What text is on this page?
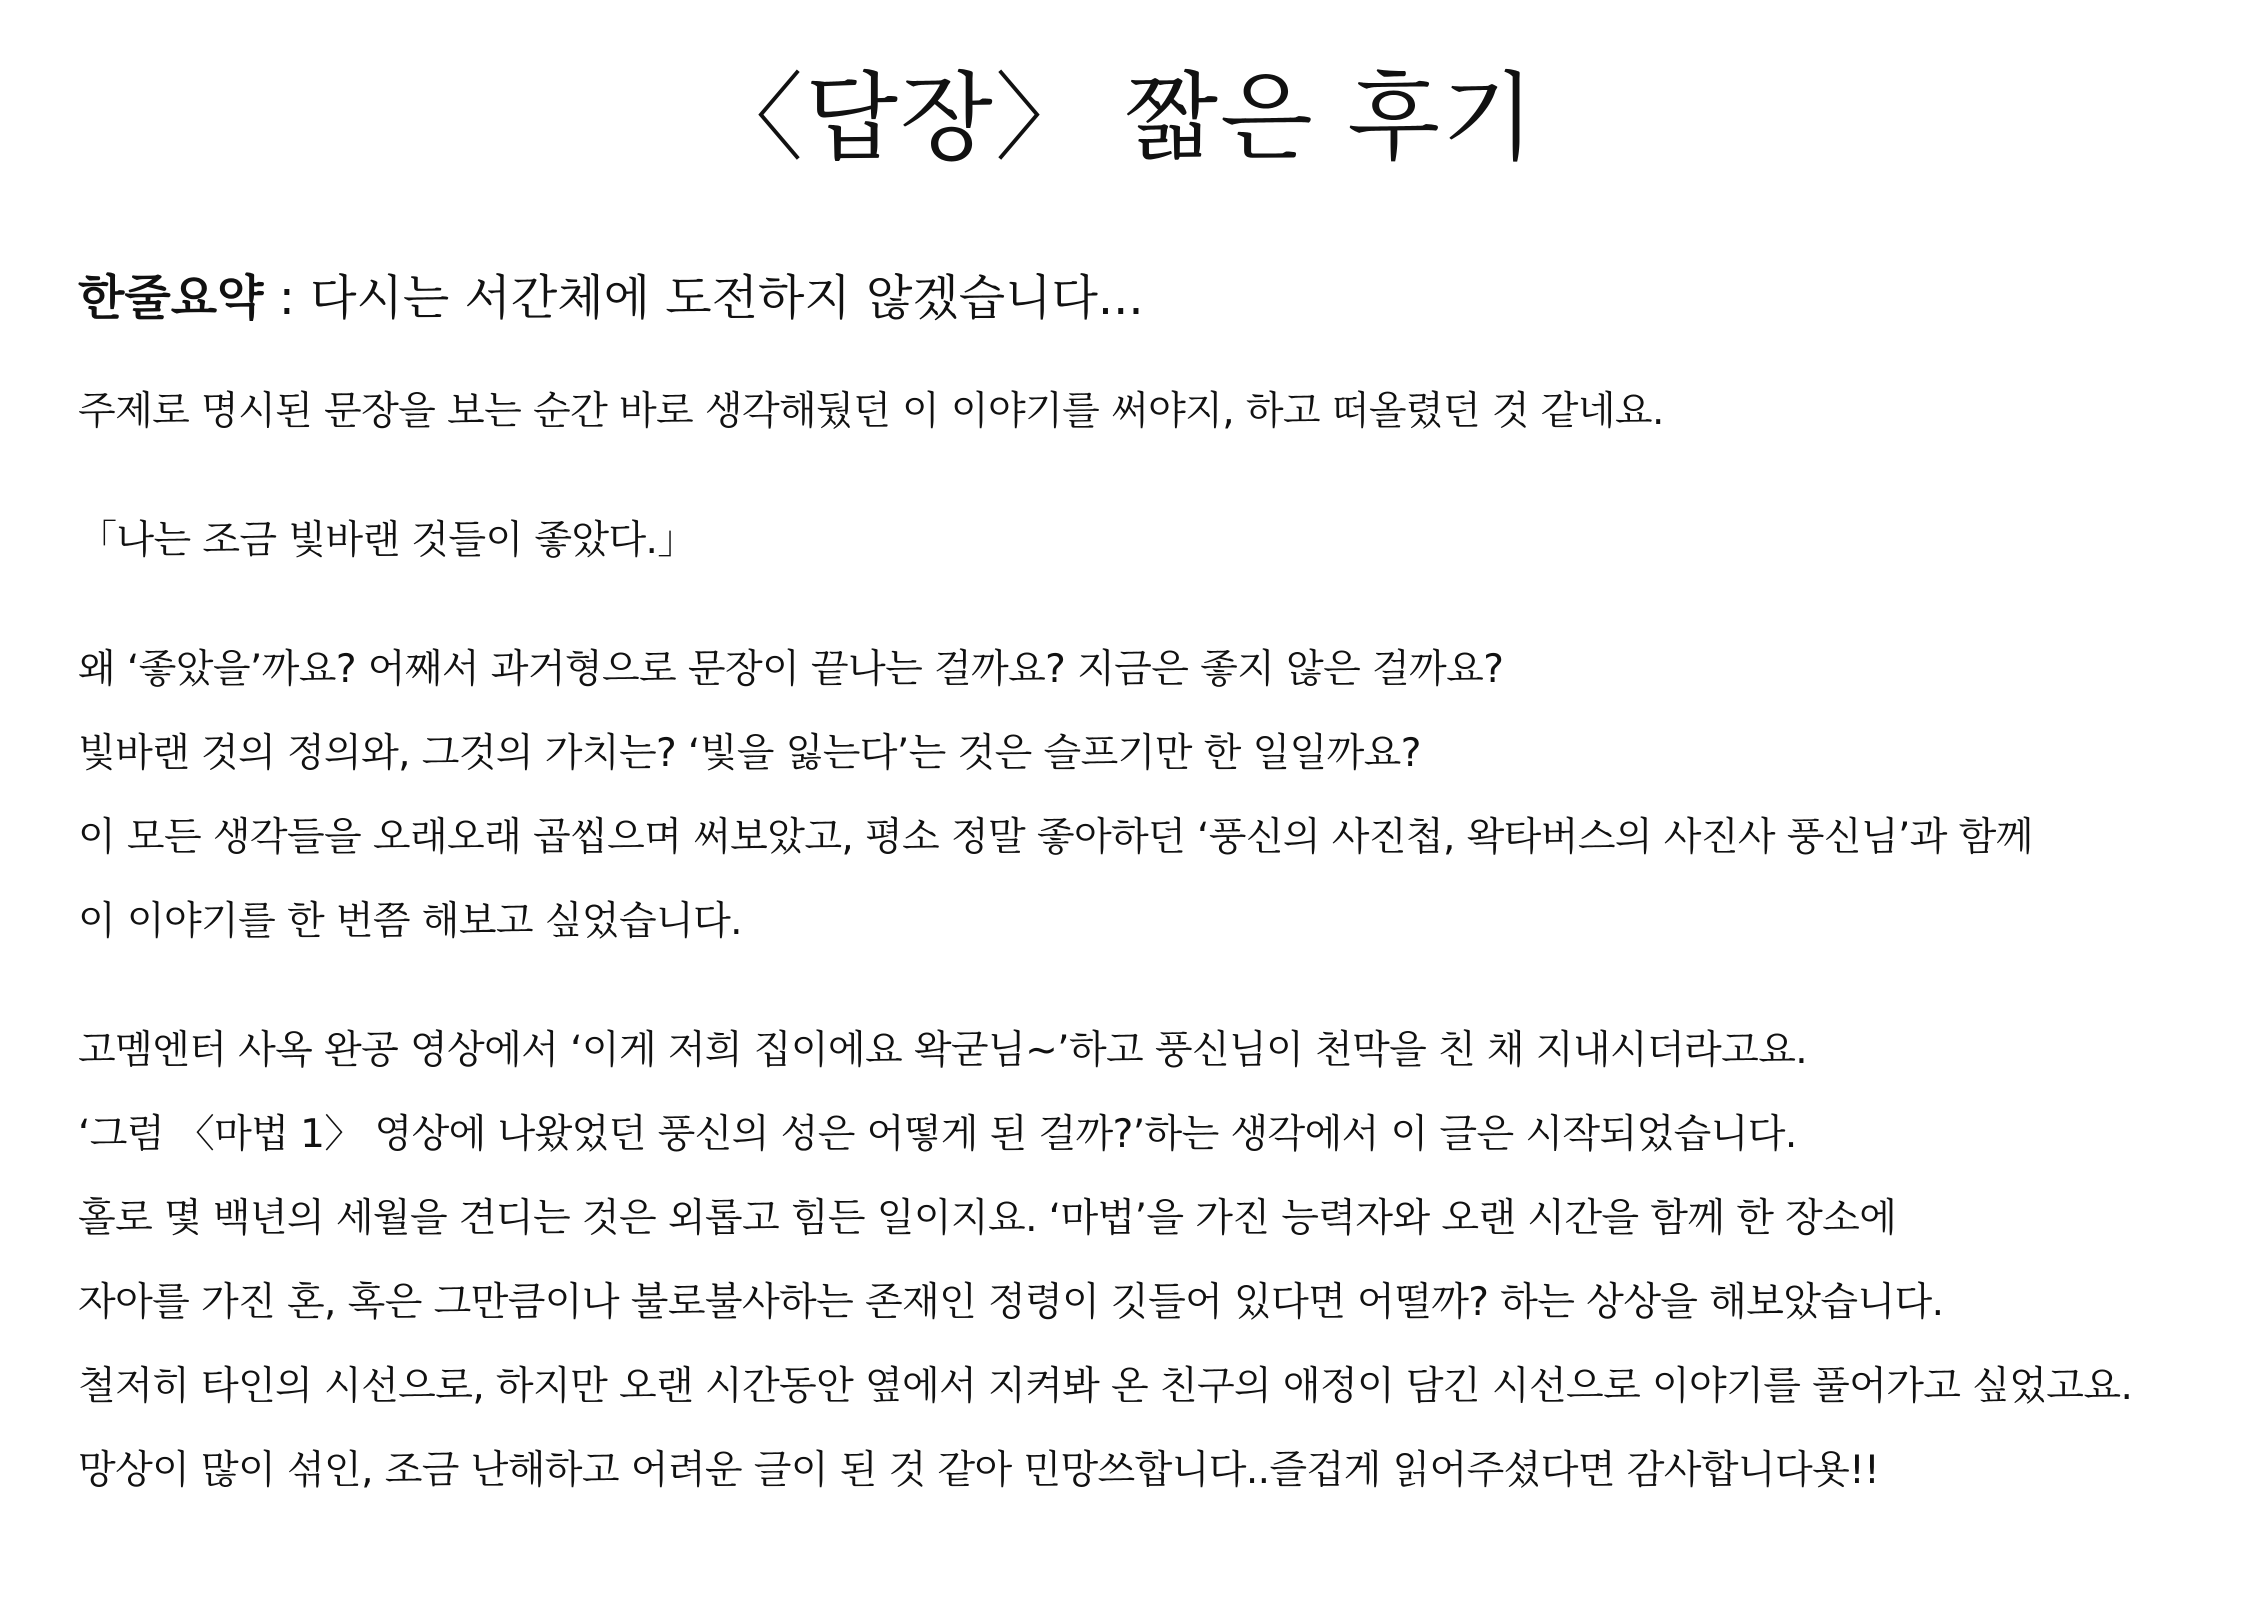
〈답장〉 짧은 후기

한줄요약 : 다시는 서간체에 도전하지 않겠습니다...

주제로 명시된 문장을 보는 순간 바로 생각해뒀던 이 이야기를 써야지, 하고 떠올렸던 것 같네요.
「나는 조금 빛바랜 것들이 좋았다.」
왜 ‘좋았을’까요? 어째서 과거형으로 문장이 끝나는 걸까요? 지금은 좋지 않은 걸까요?
빛바랜 것의 정의와, 그것의 가치는? ‘빛을 잃는다’는 것은 슬프기만 한 일일까요?
이 모든 생각들을 오래오래 곱씹으며 써보았고, 평소 정말 좋아하던 ‘풍신의 사진첩, 왁타버스의 사진사 풍신님’과 함께
이 이야기를 한 번쯤 해보고 싶었습니다.
고멤엔터 사옥 완공 영상에서 ‘이게 저희 집이에요 왁굳님~’하고 풍신님이 천막을 친 채 지내시더라고요.
‘그럼 〈마법 1〉 영상에 나왔었던 풍신의 성은 어떻게 된 걸까?’하는 생각에서 이 글은 시작되었습니다.
홀로 몇 백년의 세월을 견디는 것은 외롭고 힘든 일이지요. ‘마법’을 가진 능력자와 오랜 시간을 함께 한 장소에
자아를 가진 혼, 혹은 그만큼이나 불로불사하는 존재인 정령이 깃들어 있다면 어떨까? 하는 상상을 해보았습니다.
철저히 타인의 시선으로, 하지만 오랜 시간동안 옆에서 지켜봐 온 친구의 애정이 담긴 시선으로 이야기를 풀어가고 싶었고요.
망상이 많이 섞인, 조금 난해하고 어려운 글이 된 것 같아 민망쓰합니다..즐겁게 읽어주셨다면 감사합니다욧!!
